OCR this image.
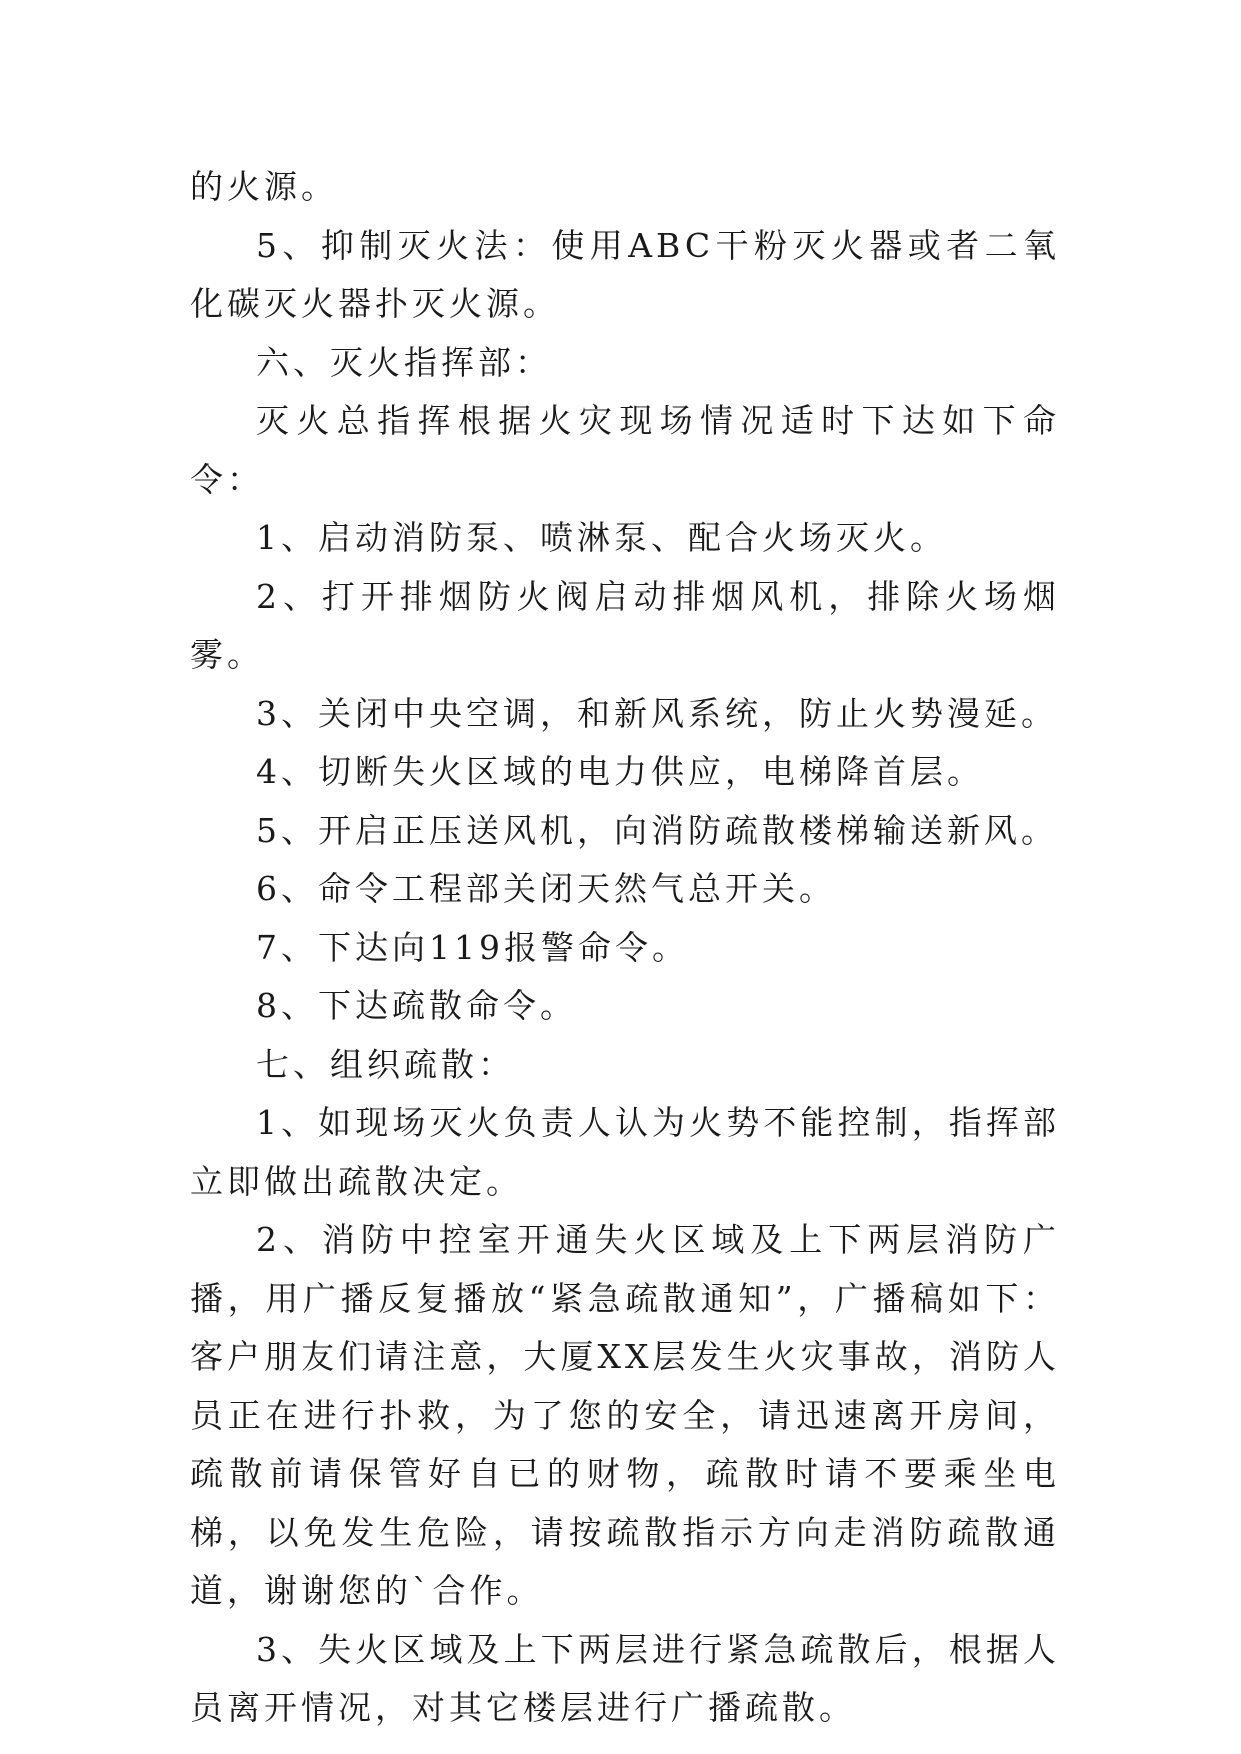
的火源。

5、抑制灭火法：使用ABC干粉灭火器或者二氧化碳灭火器扑灭火源。

六、灭火指挥部：

灭火总指挥根据火灾现场情况适时下达如下命令：

1、启动消防泵、喷淋泵、配合火场灭火。

2、打开排烟防火阀启动排烟风机，排除火场烟雾。

3、关闭中央空调，和新风系统，防止火势漫延。

4、切断失火区域的电力供应，电梯降首层。

5、开启正压送风机，向消防疏散楼梯输送新风。

6、命令工程部关闭天然气总开关。

7、下达向119报警命令。

8、下达疏散命令。

七、组织疏散：

1、如现场灭火负责人认为火势不能控制，指挥部立即做出疏散决定。

2、消防中控室开通失火区域及上下两层消防广播，用广播反复播放“紧急疏散通知”，广播稿如下：客户朋友们请注意，大厦XX层发生火灾事故，消防人员正在进行扑救，为了您的安全，请迅速离开房间，疏散前请保管好自已的财物，疏散时请不要乘坐电梯，以免发生危险，请按疏散指示方向走消防疏散通道，谢谢您的`合作。

3、失火区域及上下两层进行紧急疏散后，根据人员离开情况，对其它楼层进行广播疏散。
